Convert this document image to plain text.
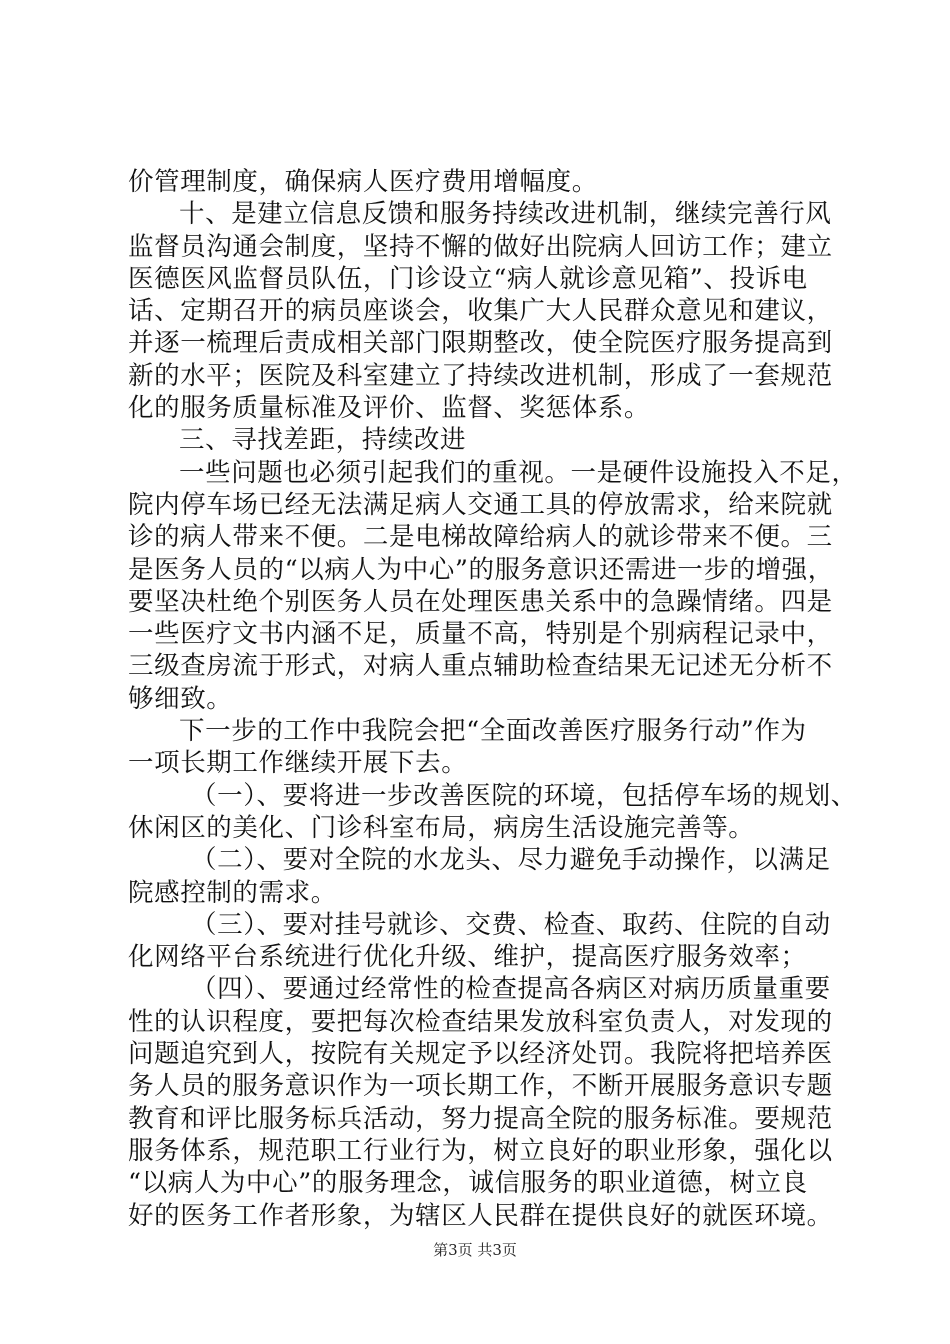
价管理制度，确保病人医疗费用增幅度。
十、是建立信息反馈和服务持续改进机制，继续完善行风
监督员沟通会制度，坚持不懈的做好出院病人回访工作；建立
医德医风监督员队伍，门诊设立“病人就诊意见箱”、投诉电
话、定期召开的病员座谈会，收集广大人民群众意见和建议，
并逐一梳理后责成相关部门限期整改，使全院医疗服务提高到
新的水平；医院及科室建立了持续改进机制，形成了一套规范
化的服务质量标准及评价、监督、奖惩体系。
三、寻找差距，持续改进
一些问题也必须引起我们的重视。一是硬件设施投入不足，
院内停车场已经无法满足病人交通工具的停放需求，给来院就
诊的病人带来不便。二是电梯故障给病人的就诊带来不便。三
是医务人员的“以病人为中心”的服务意识还需进一步的增强，
要坚决杜绝个别医务人员在处理医患关系中的急躁情绪。四是
一些医疗文书内涵不足，质量不高，特别是个别病程记录中，
三级查房流于形式，对病人重点辅助检查结果无记述无分析不
够细致。
下一步的工作中我院会把“全面改善医疗服务行动”作为
一项长期工作继续开展下去。
（一）、要将进一步改善医院的环境，包括停车场的规划、
休闲区的美化、门诊科室布局，病房生活设施完善等。
（二）、要对全院的水龙头、尽力避免手动操作，以满足
院感控制的需求。
（三）、要对挂号就诊、交费、检查、取药、住院的自动
化网络平台系统进行优化升级、维护，提高医疗服务效率；
（四）、要通过经常性的检查提高各病区对病历质量重要
性的认识程度，要把每次检查结果发放科室负责人，对发现的
问题追究到人，按院有关规定予以经济处罚。我院将把培养医
务人员的服务意识作为一项长期工作，不断开展服务意识专题
教育和评比服务标兵活动，努力提高全院的服务标准。要规范
服务体系，规范职工行业行为，树立良好的职业形象，强化以
“以病人为中心”的服务理念，诚信服务的职业道德，树立良
好的医务工作者形象，为辖区人民群在提供良好的就医环境。
第3页 共3页
